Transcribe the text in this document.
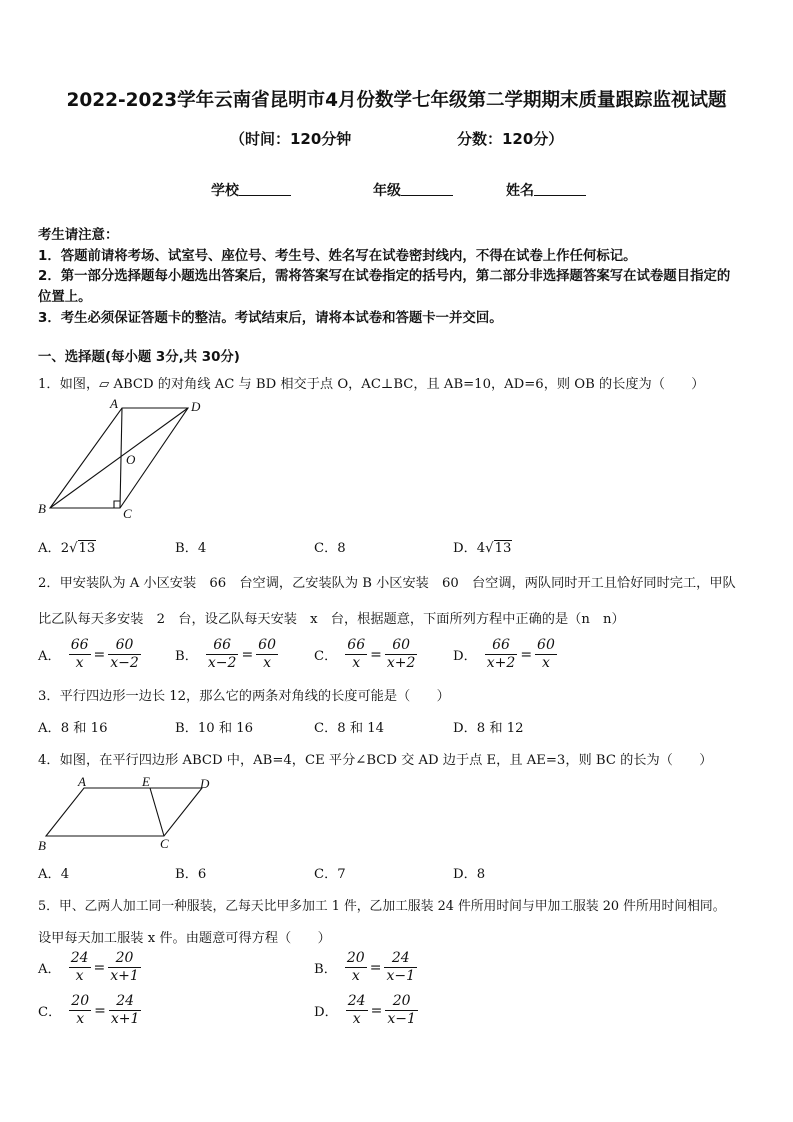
2022-2023学年云南省昆明市4月份数学七年级第二学期期末质量跟踪监视试题
（时间：120分钟	分数：120分）
学校	年级	姓名
考生请注意：
1．答题前请将考场、试室号、座位号、考生号、姓名写在试卷密封线内，不得在试卷上作任何标记。
2．第一部分选择题每小题选出答案后，需将答案写在试卷指定的括号内，第二部分非选择题答案写在试卷题目指定的
位置上。
3．考生必须保证答题卡的整洁。考试结束后，请将本试卷和答题卡一并交回。
一、选择题(每小题 3分,共 30分)
1．如图，▱ ABCD 的对角线 AC 与 BD 相交于点 O，AC⊥BC，且 AB=10，AD=6，则 OB 的长度为（　　）
A	D
O
B	C
A．2√13	B．4	C．8	D．4√13
2．甲安装队为 A 小区安装　66　台空调，乙安装队为 B 小区安装　60　台空调，两队同时开工且恰好同时完工，甲队
比乙队每天多安装　2　台，设乙队每天安装　x　台，根据题意，下面所列方程中正确的是（n　n）
A． $\frac{66}{x} = \frac{60}{x-2}$	B． $\frac{66}{x-2} = \frac{60}{x}$	C． $\frac{66}{x} = \frac{60}{x+2}$	D． $\frac{66}{x+2} = \frac{60}{x}$
3．平行四边形一边长 12，那么它的两条对角线的长度可能是（　　）
A．8 和 16	B．10 和 16	C．8 和 14	D．8 和 12
4．如图，在平行四边形 ABCD 中，AB=4，CE 平分∠BCD 交 AD 边于点 E，且 AE=3，则 BC 的长为（　　）
A	E	D
B	C
A．4	B．6	C．7	D．8
5．甲、乙两人加工同一种服装，乙每天比甲多加工 1 件，乙加工服装 24 件所用时间与甲加工服装 20 件所用时间相同。
设甲每天加工服装 x 件。由题意可得方程（　　）
A． $\frac{24}{x} = \frac{20}{x+1}$	B． $\frac{20}{x} = \frac{24}{x-1}$
C． $\frac{20}{x} = \frac{24}{x+1}$	D． $\frac{24}{x} = \frac{20}{x-1}$
